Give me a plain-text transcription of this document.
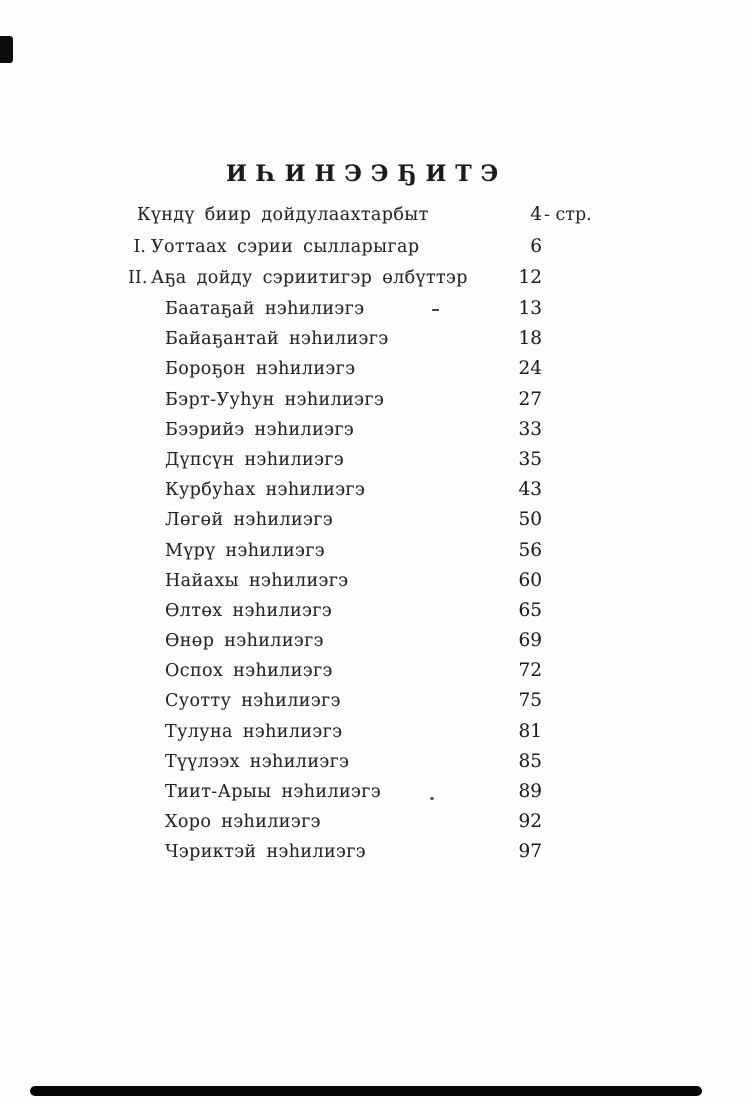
ИҺИНЭЭҔИТЭ
Күндү биир дойдулаахтарбыт	4 - стр.
I. Уоттаах сэрии сылларыгар	6
II. Аҕа дойду сэриитигэр өлбүттэр	12
Баатаҕай нэһилиэгэ	13
Байаҕантай нэһилиэгэ	18
Бороҕон нэһилиэгэ	24
Бэрт-Ууһун нэһилиэгэ	27
Бээрийэ нэһилиэгэ	33
Дүпсүн нэһилиэгэ	35
Курбуһах нэһилиэгэ	43
Лөгөй нэһилиэгэ	50
Мүрү нэһилиэгэ	56
Найахы нэһилиэгэ	60
Өлтөх нэһилиэгэ	65
Өнөр нэһилиэгэ	69
Оспох нэһилиэгэ	72
Суотту нэһилиэгэ	75
Тулуна нэһилиэгэ	81
Түүлээх нэһилиэгэ	85
Тиит-Арыы нэһилиэгэ	89
Хоро нэһилиэгэ	92
Чэриктэй нэһилиэгэ	97
